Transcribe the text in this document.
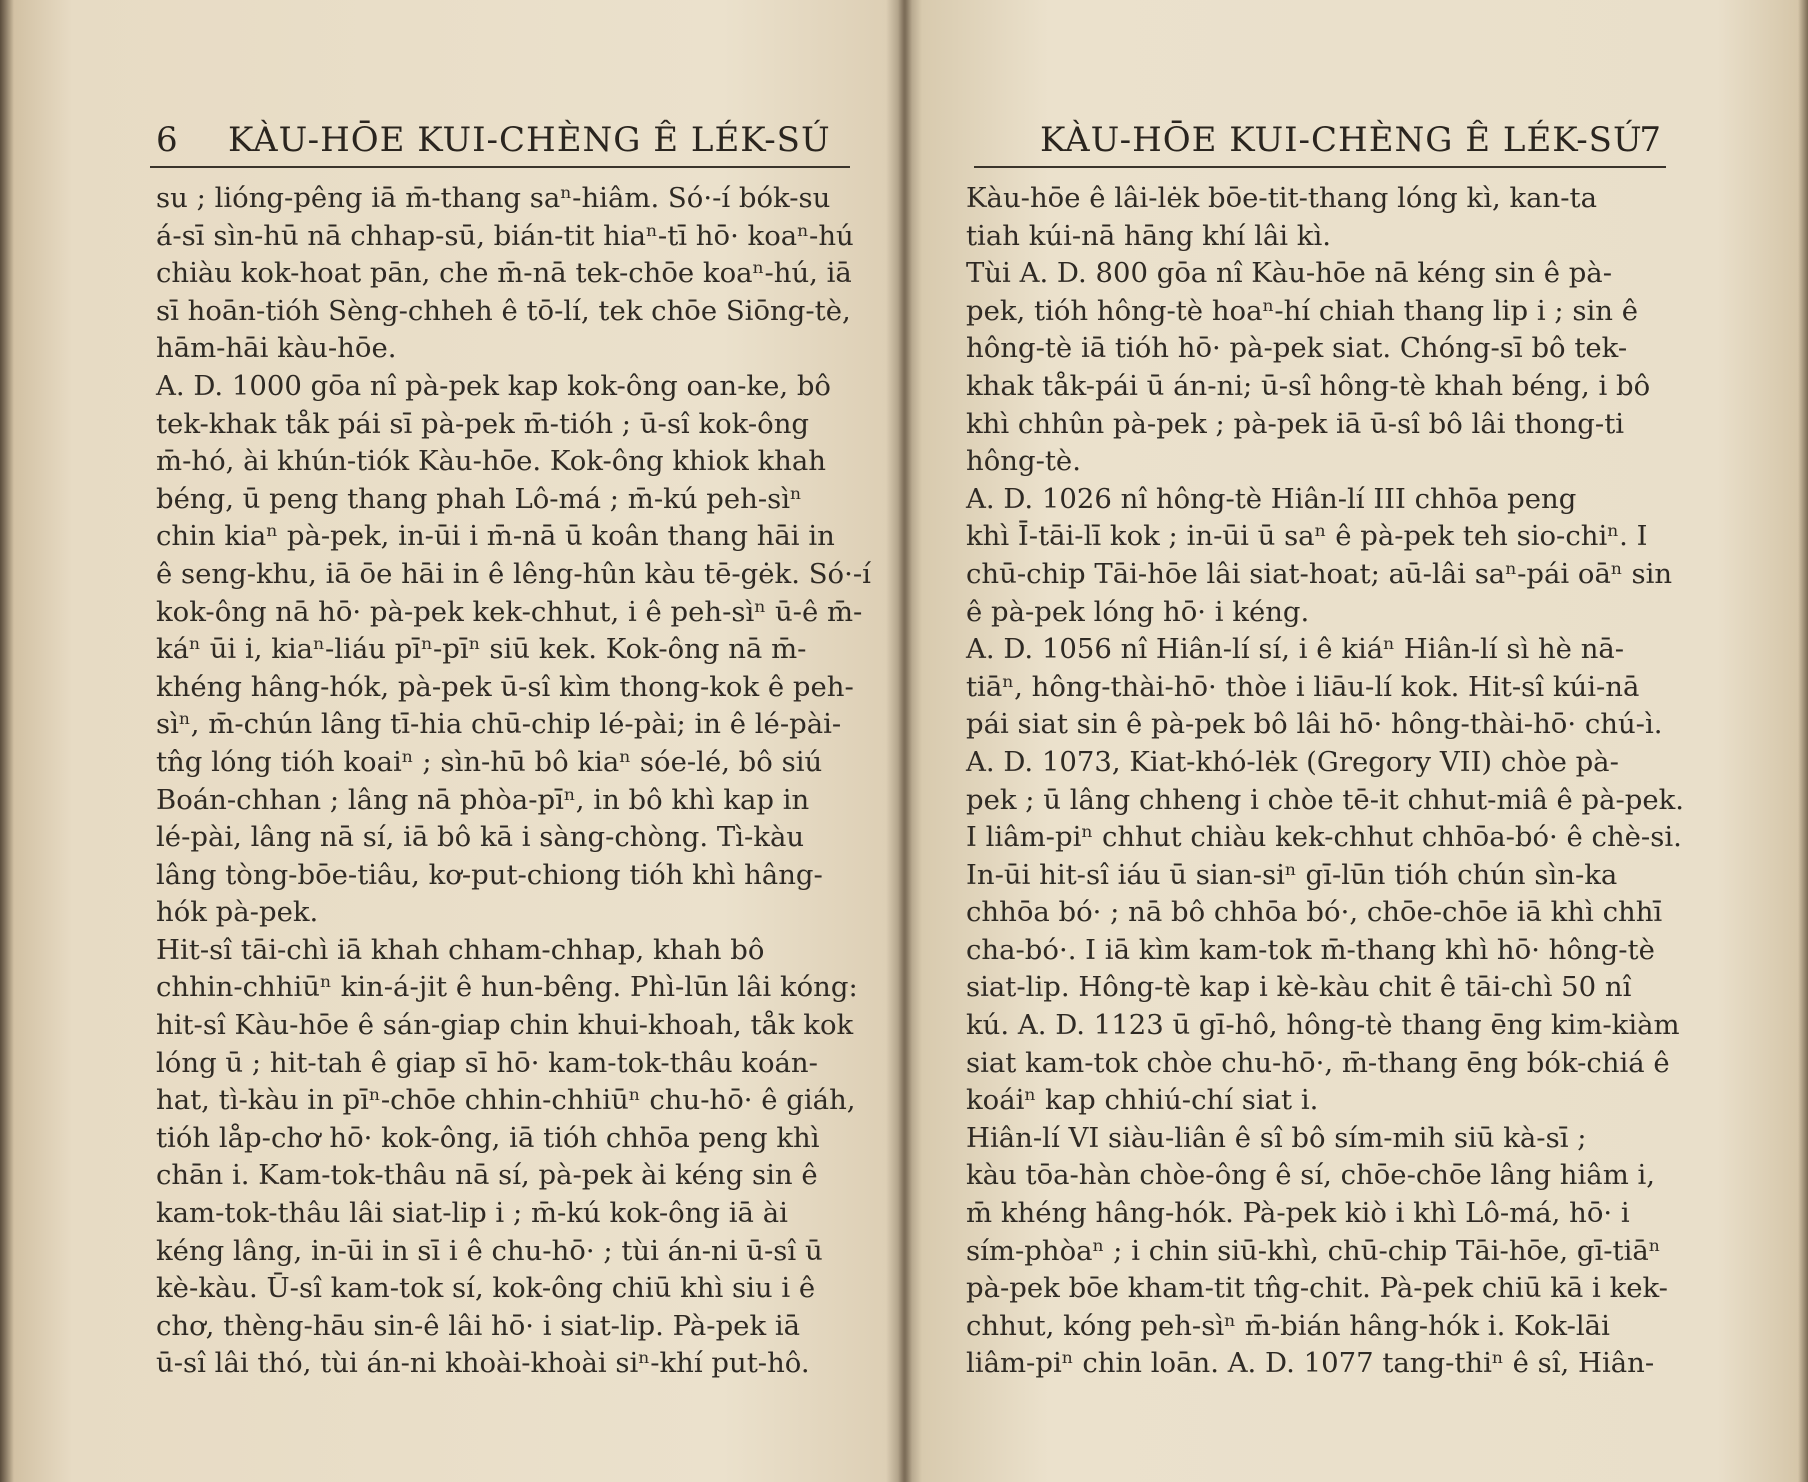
6 KÀU-HŌE KUI-CHÈNG Ê LÉK-SÚ
su ; lióng-pêng iā m̄-thang saⁿ-hiâm. Só·-í bók-su
á-sī sìn-hū nā chhap-sū, bián-tit hiaⁿ-tī hō· koaⁿ-hú
chiàu kok-hoat pān, che m̄-nā tek-chōe koaⁿ-hú, iā
sī hoān-tióh Sèng-chheh ê tō-lí, tek chōe Siōng-tè,
hām-hāi kàu-hōe.
A. D. 1000 gōa nî pà-pek kap kok-ông oan-ke, bô
tek-khak tåk pái sī pà-pek m̄-tióh ; ū-sî kok-ông
m̄-hó, ài khún-tiók Kàu-hōe. Kok-ông khiok khah
béng, ū peng thang phah Lô-má ; m̄-kú peh-sìⁿ
chin kiaⁿ pà-pek, in-ūi i m̄-nā ū koân thang hāi in
ê seng-khu, iā ōe hāi in ê lêng-hûn kàu tē-gėk. Só·-í
kok-ông nā hō· pà-pek kek-chhut, i ê peh-sìⁿ ū-ê m̄-
káⁿ ūi i, kiaⁿ-liáu pīⁿ-pīⁿ siū kek. Kok-ông nā m̄-
khéng hâng-hók, pà-pek ū-sî kìm thong-kok ê peh-
sìⁿ, m̄-chún lâng tī-hia chū-chip lé-pài; in ê lé-pài-
tn̂g lóng tióh koaiⁿ ; sìn-hū bô kiaⁿ sóe-lé, bô siú
Boán-chhan ; lâng nā phòa-pīⁿ, in bô khì kap in
lé-pài, lâng nā sí, iā bô kā i sàng-chòng. Tì-kàu
lâng tòng-bōe-tiâu, kơ-put-chiong tióh khì hâng-
hók pà-pek.
Hit-sî tāi-chì iā khah chham-chhap, khah bô
chhin-chhiūⁿ kin-á-jit ê hun-bêng. Phì-lūn lâi kóng:
hit-sî Kàu-hōe ê sán-giap chin khui-khoah, tåk kok
lóng ū ; hit-tah ê giap sī hō· kam-tok-thâu koán-
hat, tì-kàu in pīⁿ-chōe chhin-chhiūⁿ chu-hō· ê giáh,
tióh låp-chơ hō· kok-ông, iā tióh chhōa peng khì
chān i. Kam-tok-thâu nā sí, pà-pek ài kéng sin ê
kam-tok-thâu lâi siat-lip i ; m̄-kú kok-ông iā ài
kéng lâng, in-ūi in sī i ê chu-hō· ; tùi án-ni ū-sî ū
kè-kàu. Ū-sî kam-tok sí, kok-ông chiū khì siu i ê
chơ, thèng-hāu sin-ê lâi hō· i siat-lip. Pà-pek iā
ū-sî lâi thó, tùi án-ni khoài-khoài siⁿ-khí put-hô.
KÀU-HŌE KUI-CHÈNG Ê LÉK-SÚ
7
Kàu-hōe ê lâi-lėk bōe-tit-thang lóng kì, kan-ta
tiah kúi-nā hāng khí lâi kì.
Tùi A. D. 800 gōa nî Kàu-hōe nā kéng sin ê pà-
pek, tióh hông-tè hoaⁿ-hí chiah thang lip i ; sin ê
hông-tè iā tióh hō· pà-pek siat. Chóng-sī bô tek-
khak tåk-pái ū án-ni; ū-sî hông-tè khah béng, i bô
khì chhûn pà-pek ; pà-pek iā ū-sî bô lâi thong-ti
hông-tè.
A. D. 1026 nî hông-tè Hiân-lí III chhōa peng
khì Ī-tāi-lī kok ; in-ūi ū saⁿ ê pà-pek teh sio-chiⁿ. I
chū-chip Tāi-hōe lâi siat-hoat; aū-lâi saⁿ-pái oāⁿ sin
ê pà-pek lóng hō· i kéng.
A. D. 1056 nî Hiân-lí sí, i ê kiáⁿ Hiân-lí sì hè nā-
tiāⁿ, hông-thài-hō· thòe i liāu-lí kok. Hit-sî kúi-nā
pái siat sin ê pà-pek bô lâi hō· hông-thài-hō· chú-ì.
A. D. 1073, Kiat-khó-lėk (Gregory VII) chòe pà-
pek ; ū lâng chheng i chòe tē-it chhut-miâ ê pà-pek.
I liâm-piⁿ chhut chiàu kek-chhut chhōa-bó· ê chè-si.
In-ūi hit-sî iáu ū sian-siⁿ gī-lūn tióh chún sìn-ka
chhōa bó· ; nā bô chhōa bó·, chōe-chōe iā khì chhī
cha-bó·. I iā kìm kam-tok m̄-thang khì hō· hông-tè
siat-lip. Hông-tè kap i kè-kàu chit ê tāi-chì 50 nî
kú. A. D. 1123 ū gī-hô, hông-tè thang ēng kim-kiàm
siat kam-tok chòe chu-hō·, m̄-thang ēng bók-chiá ê
koáiⁿ kap chhiú-chí siat i.
Hiân-lí VI siàu-liân ê sî bô sím-mih siū kà-sī ;
kàu tōa-hàn chòe-ông ê sí, chōe-chōe lâng hiâm i,
m̄ khéng hâng-hók. Pà-pek kiò i khì Lô-má, hō· i
sím-phòaⁿ ; i chin siū-khì, chū-chip Tāi-hōe, gī-tiāⁿ
pà-pek bōe kham-tit tn̂g-chit. Pà-pek chiū kā i kek-
chhut, kóng peh-sìⁿ m̄-bián hâng-hók i. Kok-lāi
liâm-piⁿ chin loān. A. D. 1077 tang-thiⁿ ê sî, Hiân-
